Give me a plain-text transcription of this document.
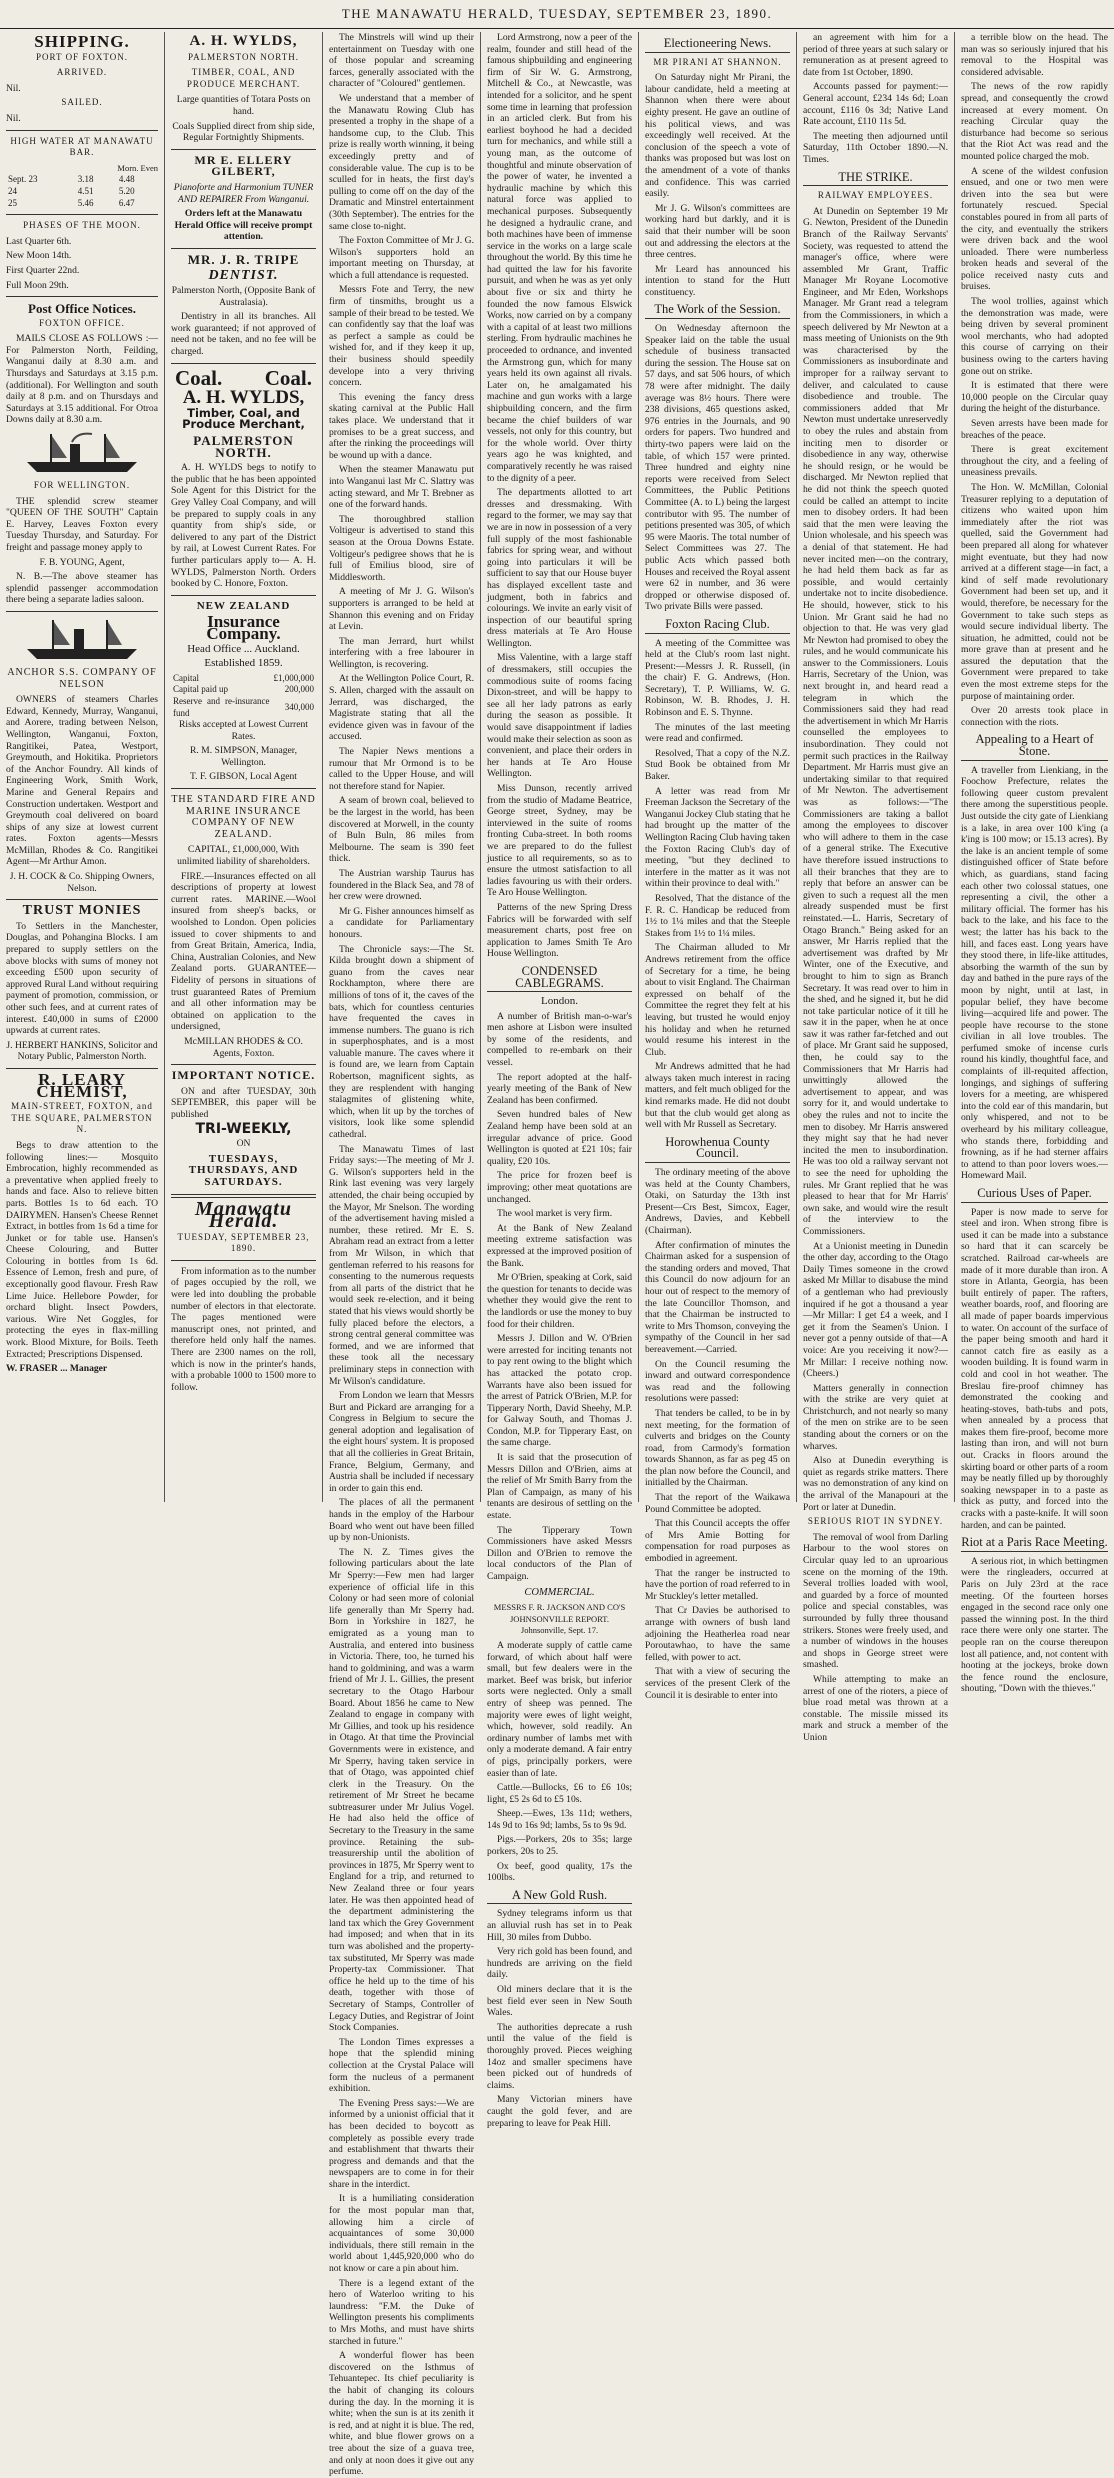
THE MANAWATU HERALD, TUESDAY, SEPTEMBER 23, 1890.
SHIPPING.
PORT OF FOXTON.
ARRIVED.

Nil.

SAILED.

Nil.

HIGH WATER AT MANAWATU BAR.
Morn. Even
Sept. 23	3.18	4.48
24	4.51	5.20
25	5.46	6.47
PHASES OF THE MOON.

Last Quarter 6th.

New Moon 14th.

First Quarter 22nd.

Full Moon 29th.

Post Office Notices.
FOXTON OFFICE.

MAILS CLOSE AS FOLLOWS :— For Palmerston North, Feilding, Wanganui daily at 8.30 a.m. and Thursdays and Saturdays at 3.15 p.m. (additional). For Wellington and south daily at 8 p.m. and on Thursdays and Saturdays at 3.15 additional. For Otroa Downs daily at 8.30 a.m.

FOR WELLINGTON.

THE splendid screw steamer "QUEEN OF THE SOUTH" Captain E. Harvey, Leaves Foxton every Tuesday Thursday, and Saturday. For freight and passage money apply to

F. B. YOUNG, Agent,

N. B.—The above steamer has splendid passenger accommodation there being a separate ladies saloon.

ANCHOR S.S. COMPANY OF NELSON

OWNERS of steamers Charles Edward, Kennedy, Murray, Wanganui, and Aorere, trading between Nelson, Wellington, Wanganui, Foxton, Rangitikei, Patea, Westport, Greymouth, and Hokitika. Proprietors of the Anchor Foundry. All kinds of Engineering Work, Smith Work, Marine and General Repairs and Construction undertaken. Westport and Greymouth coal delivered on board ships of any size at lowest current rates. Foxton agents—Messrs McMillan, Rhodes & Co. Rangitikei Agent—Mr Arthur Amon.

J. H. COCK & Co. Shipping Owners, Nelson.

TRUST MONIES

To Settlers in the Manchester, Douglas, and Pohangina Blocks. I am prepared to supply settlers on the above blocks with sums of money not exceeding £500 upon security of approved Rural Land without requiring payment of promotion, commission, or other such fees, and at current rates of interest. £40,000 in sums of £2000 upwards at current rates.

J. HERBERT HANKINS, Solicitor and Notary Public, Palmerston North.

R. LEARY CHEMIST,
MAIN-STREET, FOXTON, and THE SQUARE, PALMERSTON N.

Begs to draw attention to the following lines:— Mosquito Embrocation, highly recommended as a preventative when applied freely to hands and face. Also to relieve bitten parts. Bottles 1s to 6d each. TO DAIRYMEN. Hansen's Cheese Rennet Extract, in bottles from 1s 6d a time for Junket or for table use. Hansen's Cheese Colouring, and Butter Colouring in bottles from 1s 6d. Essence of Lemon, fresh and pure, of exceptionally good flavour. Fresh Raw Lime Juice. Hellebore Powder, for orchard blight. Insect Powders, various. Wire Net Goggles, for protecting the eyes in flax-milling work. Blood Mixture, for Boils. Teeth Extracted; Prescriptions Dispensed.

W. FRASER ... Manager

A. H. WYLDS,
PALMERSTON NORTH.
TIMBER, COAL, AND PRODUCE MERCHANT.

Large quantities of Totara Posts on hand.

Coals Supplied direct from ship side, Regular Fortnightly Shipments.

MR E. ELLERY GILBERT,

Pianoforte and Harmonium TUNER AND REPAIRER From Wanganui.

Orders left at the Manawatu Herald Office will receive prompt attention.

MR. J. R. TRIPE
DENTIST.

Palmerston North, (Opposite Bank of Australasia).

Dentistry in all its branches. All work guaranteed; if not approved of need not be taken, and no fee will be charged.

Coal. Coal.
A. H. WYLDS,
Timber, Coal, and Produce Merchant,
PALMERSTON NORTH.

A. H. WYLDS begs to notify to the public that he has been appointed Sole Agent for this District for the Grey Valley Coal Company, and will be prepared to supply coals in any quantity from ship's side, or delivered to any part of the District by rail, at Lowest Current Rates. For further particulars apply to— A. H. WYLDS, Palmerston North. Orders booked by C. Honore, Foxton.

NEW ZEALAND
Insurance Company.

Head Office ... Auckland.

Established 1859.

Capital	£1,000,000
Capital paid up	200,000
Reserve and re-insurance fund	340,000

Risks accepted at Lowest Current Rates.

R. M. SIMPSON, Manager, Wellington.

T. F. GIBSON, Local Agent

THE STANDARD FIRE AND MARINE INSURANCE COMPANY OF NEW ZEALAND.

CAPITAL, £1,000,000, With unlimited liability of shareholders.

FIRE.—Insurances effected on all descriptions of property at lowest current rates. MARINE.—Wool insured from sheep's backs, or woolshed to London. Open policies issued to cover shipments to and from Great Britain, America, India, China, Australian Colonies, and New Zealand ports. GUARANTEE—Fidelity of persons in situations of trust guaranteed Rates of Premium and all other information may be obtained on application to the undersigned,

McMILLAN RHODES & CO. Agents, Foxton.

IMPORTANT NOTICE.

ON and after TUESDAY, 30th SEPTEMBER, this paper will be published

TRI-WEEKLY,

ON

TUESDAYS, THURSDAYS, AND SATURDAYS.
Manawatu Herald.
TUESDAY, SEPTEMBER 23, 1890.

From information as to the number of pages occupied by the roll, we were led into doubling the probable number of electors in that electorate. The pages mentioned were manuscript ones, not printed, and therefore held only half the names. There are 2300 names on the roll, which is now in the printer's hands, with a probable 1000 to 1500 more to follow.

The Minstrels will wind up their entertainment on Tuesday with one of those popular and screaming farces, generally associated with the character of "Coloured" gentlemen.

We understand that a member of the Manawatu Rowing Club has presented a trophy in the shape of a handsome cup, to the Club. This prize is really worth winning, it being exceedingly pretty and of considerable value. The cup is to be sculled for in heats, the first day's pulling to come off on the day of the Dramatic and Minstrel entertainment (30th September). The entries for the same close to-night.

The Foxton Committee of Mr J. G. Wilson's supporters hold an important meeting on Thursday, at which a full attendance is requested.

Messrs Fote and Terry, the new firm of tinsmiths, brought us a sample of their bread to be tested. We can confidently say that the loaf was as perfect a sample as could be wished for, and if they keep it up, their business should speedily develope into a very thriving concern.

This evening the fancy dress skating carnival at the Public Hall takes place. We understand that it promises to be a great success, and after the rinking the proceedings will be wound up with a dance.

When the steamer Manawatu put into Wanganui last Mr C. Slattry was acting steward, and Mr T. Brebner as one of the forward hands.

The thoroughbred stallion Voltigeur is advertised to stand this season at the Oroua Downs Estate. Voltigeur's pedigree shows that he is full of Emilius blood, sire of Middlesworth.

A meeting of Mr J. G. Wilson's supporters is arranged to be held at Shannon this evening and on Friday at Levin.

The man Jerrard, hurt whilst interfering with a free labourer in Wellington, is recovering.

At the Wellington Police Court, R. S. Allen, charged with the assault on Jerrard, was discharged, the Magistrate stating that all the evidence given was in favour of the accused.

The Napier News mentions a rumour that Mr Ormond is to be called to the Upper House, and will not therefore stand for Napier.

A seam of brown coal, believed to be the largest in the world, has been discovered at Morwell, in the county of Buln Buln, 86 miles from Melbourne. The seam is 390 feet thick.

The Austrian warship Taurus has foundered in the Black Sea, and 78 of her crew were drowned.

Mr G. Fisher announces himself as a candidate for Parliamentary honours.

The Chronicle says:—The St. Kilda brought down a shipment of guano from the caves near Rockhampton, where there are millions of tons of it, the caves of the bats, which for countless centuries have frequented the caves in immense numbers. The guano is rich in superphosphates, and is a most valuable manure. The caves where it is found are, we learn from Captain Robertson, magnificent sights, as they are resplendent with hanging stalagmites of glistening white, which, when lit up by the torches of visitors, look like some splendid cathedral.

The Manawatu Times of last Friday says:—The meeting of Mr J. G. Wilson's supporters held in the Rink last evening was very largely attended, the chair being occupied by the Mayor, Mr Snelson. The wording of the advertisement having misled a number, these retired. Mr E. S. Abraham read an extract from a letter from Mr Wilson, in which that gentleman referred to his reasons for consenting to the numerous requests from all parts of the district that he would seek re-election, and it being stated that his views would shortly be fully placed before the electors, a strong central general committee was formed, and we are informed that these took all the necessary preliminary steps in connection with Mr Wilson's candidature.

From London we learn that Messrs Burt and Pickard are arranging for a Congress in Belgium to secure the general adoption and legalisation of the eight hours' system. It is proposed that all the collieries in Great Britain, France, Belgium, Germany, and Austria shall be included if necessary in order to gain this end.

The places of all the permanent hands in the employ of the Harbour Board who went out have been filled up by non-Unionists.

The N. Z. Times gives the following particulars about the late Mr Sperry:—Few men had larger experience of official life in this Colony or had seen more of colonial life generally than Mr Sperry had. Born in Yorkshire in 1827, he emigrated as a young man to Australia, and entered into business in Victoria. There, too, he turned his hand to goldmining, and was a warm friend of Mr J. L. Gillies, the present secretary to the Otago Harbour Board. About 1856 he came to New Zealand to engage in company with Mr Gillies, and took up his residence in Otago. At that time the Provincial Governments were in existence, and Mr Sperry, having taken service in that of Otago, was appointed chief clerk in the Treasury. On the retirement of Mr Street he became subtreasurer under Mr Julius Vogel. He had also held the office of Secretary to the Treasury in the same province. Retaining the sub-treasurership until the abolition of provinces in 1875, Mr Sperry went to England for a trip, and returned to New Zealand three or four years later. He was then appointed head of the department administering the land tax which the Grey Government had imposed; and when that in its turn was abolished and the property-tax substituted, Mr Sperry was made Property-tax Commissioner. That office he held up to the time of his death, together with those of Secretary of Stamps, Controller of Legacy Duties, and Registrar of Joint Stock Companies.

The London Times expresses a hope that the splendid mining collection at the Crystal Palace will form the nucleus of a permanent exhibition.

The Evening Press says:—We are informed by a unionist official that it has been decided to boycott as completely as possible every trade and establishment that thwarts their progress and demands and that the newspapers are to come in for their share in the interdict.

It is a humiliating consideration for the most popular man that, allowing him a circle of acquaintances of some 30,000 individuals, there still remain in the world about 1,445,920,000 who do not know or care a pin about him.

There is a legend extant of the hero of Waterloo writing to his laundress: "F.M. the Duke of Wellington presents his compliments to Mrs Moths, and must have shirts starched in future."

A wonderful flower has been discovered on the Isthmus of Tehuantepec. Its chief peculiarity is the habit of changing its colours during the day. In the morning it is white; when the sun is at its zenith it is red, and at night it is blue. The red, white, and blue flower grows on a tree about the size of a guava tree, and only at noon does it give out any perfume.

Lord Armstrong, now a peer of the realm, founder and still head of the famous shipbuilding and engineering firm of Sir W. G. Armstrong, Mitchell & Co., at Newcastle, was intended for a solicitor, and he spent some time in learning that profession in an articled clerk. But from his earliest boyhood he had a decided turn for mechanics, and while still a young man, as the outcome of thoughtful and minute observation of the power of water, he invented a hydraulic machine by which this natural force was applied to mechanical purposes. Subsequently he designed a hydraulic crane, and both machines have been of immense service in the works on a large scale throughout the world. By this time he had quitted the law for his favorite pursuit, and when he was as yet only about five or six and thirty he founded the now famous Elswick Works, now carried on by a company with a capital of at least two millions sterling. From hydraulic machines he proceeded to ordnance, and invented the Armstrong gun, which for many years held its own against all rivals. Later on, he amalgamated his machine and gun works with a large shipbuilding concern, and the firm became the chief builders of war vessels, not only for this country, but for the whole world. Over thirty years ago he was knighted, and comparatively recently he was raised to the dignity of a peer.

The departments allotted to art dresses and dressmaking. With regard to the former, we may say that we are in now in possession of a very full supply of the most fashionable fabrics for spring wear, and without going into particulars it will be sufficient to say that our House buyer has displayed excellent taste and judgment, both in fabrics and colourings. We invite an early visit of inspection of our beautiful spring dress materials at Te Aro House Wellington.

Miss Valentine, with a large staff of dressmakers, still occupies the commodious suite of rooms facing Dixon-street, and will be happy to see all her lady patrons as early during the season as possible. It would save disappointment if ladies would make their selection as soon as convenient, and place their orders in her hands at Te Aro House Wellington.

Miss Dunson, recently arrived from the studio of Madame Beatrice, George street, Sydney, may be interviewed in the suite of rooms fronting Cuba-street. In both rooms we are prepared to do the fullest justice to all requirements, so as to ensure the utmost satisfaction to all ladies favouring us with their orders. Te Aro House Wellington.

Patterns of the new Spring Dress Fabrics will be forwarded with self measurement charts, post free on application to James Smith Te Aro House Wellington.

CONDENSED CABLEGRAMS.
London.

A number of British man-o-war's men ashore at Lisbon were insulted by some of the residents, and compelled to re-embark on their vessel.

The report adopted at the half-yearly meeting of the Bank of New Zealand has been confirmed.

Seven hundred bales of New Zealand hemp have been sold at an irregular advance of price. Good Wellington is quoted at £21 10s; fair quality, £20 10s.

The price for frozen beef is improving; other meat quotations are unchanged.

The wool market is very firm.

At the Bank of New Zealand meeting extreme satisfaction was expressed at the improved position of the Bank.

Mr O'Brien, speaking at Cork, said the question for tenants to decide was whether they would give the rent to the landlords or use the money to buy food for their children.

Messrs J. Dillon and W. O'Brien were arrested for inciting tenants not to pay rent owing to the blight which has attacked the potato crop. Warrants have also been issued for the arrest of Patrick O'Brien, M.P. for Tipperary North, David Sheehy, M.P. for Galway South, and Thomas J. Condon, M.P. for Tipperary East, on the same charge.

It is said that the prosecution of Messrs Dillon and O'Brien, aims at the relief of Mr Smith Barry from the Plan of Campaign, as many of his tenants are desirous of settling on the estate.

The Tipperary Town Commissioners have asked Messrs Dillon and O'Brien to remove the local conductors of the Plan of Campaign.

COMMERCIAL.

MESSRS F. R. JACKSON AND CO'S JOHNSONVILLE REPORT. Johnsonville, Sept. 17.

A moderate supply of cattle came forward, of which about half were small, but few dealers were in the market. Beef was brisk, but inferior sorts were neglected. Only a small entry of sheep was penned. The majority were ewes of light weight, which, however, sold readily. An ordinary number of lambs met with only a moderate demand. A fair entry of pigs, principally porkers, were easier than of late.

Cattle.—Bullocks, £6 to £6 10s; light, £5 2s 6d to £5 10s.

Sheep.—Ewes, 13s 11d; wethers, 14s 9d to 16s 9d; lambs, 5s to 9s 9d.

Pigs.—Porkers, 20s to 35s; large porkers, 20s to 25.

Ox beef, good quality, 17s the 100lbs.

A New Gold Rush.

Sydney telegrams inform us that an alluvial rush has set in to Peak Hill, 30 miles from Dubbo.

Very rich gold has been found, and hundreds are arriving on the field daily.

Old miners declare that it is the best field ever seen in New South Wales.

The authorities deprecate a rush until the value of the field is thoroughly proved. Pieces weighing 14oz and smaller specimens have been picked out of hundreds of claims.

Many Victorian miners have caught the gold fever, and are preparing to leave for Peak Hill.

Electioneering News.
MR PIRANI AT SHANNON.

On Saturday night Mr Pirani, the labour candidate, held a meeting at Shannon when there were about eighty present. He gave an outline of his political views, and was exceedingly well received. At the conclusion of the speech a vote of thanks was proposed but was lost on the amendment of a vote of thanks and confidence. This was carried easily.

Mr J. G. Wilson's committees are working hard but darkly, and it is said that their number will be soon out and addressing the electors at the three centres.

Mr Leard has announced his intention to stand for the Hutt constituency.

The Work of the Session.

On Wednesday afternoon the Speaker laid on the table the usual schedule of business transacted during the session. The House sat on 57 days, and sat 506 hours, of which 78 were after midnight. The daily average was 8½ hours. There were 238 divisions, 465 questions asked, 976 entries in the Journals, and 90 orders for papers. Two hundred and thirty-two papers were laid on the table, of which 157 were printed. Three hundred and eighty nine reports were received from Select Committees, the Public Petitions Committee (A. to L) being the largest contributor with 95. The number of petitions presented was 305, of which 95 were Maoris. The total number of Select Committees was 27. The public Acts which passed both Houses and received the Royal assent were 62 in number, and 36 were dropped or otherwise disposed of. Two private Bills were passed.

Foxton Racing Club.

A meeting of the Committee was held at the Club's room last night. Present:—Messrs J. R. Russell, (in the chair) F. G. Andrews, (Hon. Secretary), T. P. Williams, W. G. Robinson, W. B. Rhodes, J. H. Robinson and E. S. Thynne.

The minutes of the last meeting were read and confirmed.

Resolved, That a copy of the N.Z. Stud Book be obtained from Mr Baker.

A letter was read from Mr Freeman Jackson the Secretary of the Wanganui Jockey Club stating that he had brought up the matter of the Wellington Racing Club having taken the Foxton Racing Club's day of meeting, "but they declined to interfere in the matter as it was not within their province to deal with."

Resolved, That the distance of the F. R. C. Handicap be reduced from 1½ to 1¼ miles and that the Steeple Stakes from 1½ to 1¼ miles.

The Chairman alluded to Mr Andrews retirement from the office of Secretary for a time, he being about to visit England. The Chairman expressed on behalf of the Committee the regret they felt at his leaving, but trusted he would enjoy his holiday and when he returned would resume his interest in the Club.

Mr Andrews admitted that he had always taken much interest in racing matters, and felt much obliged for the kind remarks made. He did not doubt but that the club would get along as well with Mr Russell as Secretary.

Horowhenua County Council.

The ordinary meeting of the above was held at the County Chambers, Otaki, on Saturday the 13th inst Present—Crs Best, Simcox, Eager, Andrews, Davies, and Kebbell (Chairman).

After confirmation of minutes the Chairman asked for a suspension of the standing orders and moved, That this Council do now adjourn for an hour out of respect to the memory of the late Councillor Thomson, and that the Chairman be instructed to write to Mrs Thomson, conveying the sympathy of the Council in her sad bereavement.—Carried.

On the Council resuming the inward and outward correspondence was read and the following resolutions were passed:

That tenders be called, to be in by next meeting, for the formation of culverts and bridges on the County road, from Carmody's formation towards Shannon, as far as peg 45 on the plan now before the Council, and initialled by the Chairman.

That the report of the Waikawa Pound Committee be adopted.

That this Council accepts the offer of Mrs Amie Botting for compensation for road purposes as embodied in agreement.

That the ranger be instructed to have the portion of road referred to in Mr Stuckley's letter metalled.

That Cr Davies be authorised to arrange with owners of bush land adjoining the Heatherlea road near Poroutawhao, to have the same felled, with power to act.

That with a view of securing the services of the present Clerk of the Council it is desirable to enter into

an agreement with him for a period of three years at such salary or remuneration as at present agreed to date from 1st October, 1890.

Accounts passed for payment:—General account, £234 14s 6d; Loan account, £116 0s 3d; Native Land Rate account, £110 11s 5d.

The meeting then adjourned until Saturday, 11th October 1890.—N. Times.

THE STRIKE.
RAILWAY EMPLOYEES.

At Dunedin on September 19 Mr G. Newton, President of the Dunedin Branch of the Railway Servants' Society, was requested to attend the manager's office, where were assembled Mr Grant, Traffic Manager Mr Royane Locomotive Engineer, and Mr Eden, Workshops Manager. Mr Grant read a telegram from the Commissioners, in which a speech delivered by Mr Newton at a mass meeting of Unionists on the 9th was characterised by the Commissioners as insubordinate and improper for a railway servant to deliver, and calculated to cause disobedience and trouble. The commissioners added that Mr Newton must undertake unreservedly to obey the rules and abstain from inciting men to disorder or disobedience in any way, otherwise he should resign, or he would be discharged. Mr Newton replied that he did not think the speech quoted could be called an attempt to incite men to disobey orders. It had been said that the men were leaving the Union wholesale, and his speech was a denial of that statement. He had never incited men—on the contrary, he had held them back as far as possible, and would certainly undertake not to incite disobedience. He should, however, stick to his Union. Mr Grant said he had no objection to that. He was very glad Mr Newton had promised to obey the rules, and he would communicate his answer to the Commissioners. Louis Harris, Secretary of the Union, was next brought in, and heard read a telegram in which the Commissioners said they had read the advertisement in which Mr Harris counselled the employees to insubordination. They could not permit such practices in the Railway Department. Mr Harris must give an undertaking similar to that required of Mr Newton. The advertisement was as follows:—"The Commissioners are taking a ballot among the employees to discover who will adhere to them in the case of a general strike. The Executive have therefore issued instructions to all their branches that they are to reply that before an answer can be given to such a request all the men already suspended must be first reinstated.—L. Harris, Secretary of Otago Branch." Being asked for an answer, Mr Harris replied that the advertisement was drafted by Mr Winter, one of the Executive, and brought to him to sign as Branch Secretary. It was read over to him in the shed, and he signed it, but he did not take particular notice of it till he saw it in the paper, when he at once saw it was rather far-fetched and out of place. Mr Grant said he supposed, then, he could say to the Commissioners that Mr Harris had unwittingly allowed the advertisement to appear, and was sorry for it, and would undertake to obey the rules and not to incite the men to disobey. Mr Harris answered they might say that he had never incited the men to insubordination. He was too old a railway servant not to see the need for upholding the rules. Mr Grant replied that he was pleased to hear that for Mr Harris' own sake, and would wire the result of the interview to the Commissioners.

At a Unionist meeting in Dunedin the other day, according to the Otago Daily Times someone in the crowd asked Mr Millar to disabuse the mind of a gentleman who had previously inquired if he got a thousand a year—Mr Millar: I get £4 a week, and I get it from the Seamen's Union. I never got a penny outside of that—A voice: Are you receiving it now?—Mr Millar: I receive nothing now. (Cheers.)

Matters generally in connection with the strike are very quiet at Christchurch, and not nearly so many of the men on strike are to be seen standing about the corners or on the wharves.

Also at Dunedin everything is quiet as regards strike matters. There was no demonstration of any kind on the arrival of the Manapouri at the Port or later at Dunedin.

SERIOUS RIOT IN SYDNEY.

The removal of wool from Darling Harbour to the wool stores on Circular quay led to an uproarious scene on the morning of the 19th. Several trollies loaded with wool, and guarded by a force of mounted police and special constables, was surrounded by fully three thousand strikers. Stones were freely used, and a number of windows in the houses and shops in George street were smashed.

While attempting to make an arrest of one of the rioters, a piece of blue road metal was thrown at a constable. The missile missed its mark and struck a member of the Union

a terrible blow on the head. The man was so seriously injured that his removal to the Hospital was considered advisable.

The news of the row rapidly spread, and consequently the crowd increased at every moment. On reaching Circular quay the disturbance had become so serious that the Riot Act was read and the mounted police charged the mob.

A scene of the wildest confusion ensued, and one or two men were driven into the sea but were fortunately rescued. Special constables poured in from all parts of the city, and eventually the strikers were driven back and the wool unloaded. There were numberless broken heads and several of the police received nasty cuts and bruises.

The wool trollies, against which the demonstration was made, were being driven by several prominent wool merchants, who had adopted this course of carrying on their business owing to the carters having gone out on strike.

It is estimated that there were 10,000 people on the Circular quay during the height of the disturbance.

Seven arrests have been made for breaches of the peace.

There is great excitement throughout the city, and a feeling of uneasiness prevails.

The Hon. W. McMillan, Colonial Treasurer replying to a deputation of citizens who waited upon him immediately after the riot was quelled, said the Government had been prepared all along for whatever might eventuate, but they had now arrived at a different stage—in fact, a kind of self made revolutionary Government had been set up, and it would, therefore, be necessary for the Government to take such steps as would secure individual liberty. The situation, he admitted, could not be more grave than at present and he assured the deputation that the Government were prepared to take even the most extreme steps for the purpose of maintaining order.

Over 20 arrests took place in connection with the riots.

Appealing to a Heart of Stone.

A traveller from Lienkiang, in the Foochow Prefecture, relates the following queer custom prevalent there among the superstitious people. Just outside the city gate of Lienkiang is a lake, in area over 100 k'ing (a k'ing is 100 mow; or 15.13 acres). By the lake is an ancient temple of some distinguished officer of State before which, as guardians, stand facing each other two colossal statues, one representing a civil, the other a military official. The former has his back to the lake, and his face to the west; the latter has his back to the hill, and faces east. Long years have they stood there, in life-like attitudes, absorbing the warmth of the sun by day and bathed in the pure rays of the moon by night, until at last, in popular belief, they have become living—acquired life and power. The people have recourse to the stone civilian in all love troubles. The perfumed smoke of incense curls round his kindly, thoughtful face, and complaints of ill-requited affection, longings, and sighings of suffering lovers for a meeting, are whispered into the cold ear of this mandarin, but only whispered, and not to be overheard by his military colleague, who stands there, forbidding and frowning, as if he had sterner affairs to attend to than poor lovers woes.—Homeward Mail.

Curious Uses of Paper.

Paper is now made to serve for steel and iron. When strong fibre is used it can be made into a substance so hard that it can scarcely be scratched. Railroad car-wheels are made of it more durable than iron. A store in Atlanta, Georgia, has been built entirely of paper. The rafters, weather boards, roof, and flooring are all made of paper boards impervious to water. On account of the surface of the paper being smooth and hard it cannot catch fire as easily as a wooden building. It is found warm in cold and cool in hot weather. The Breslau fire-proof chimney has demonstrated the cooking and heating-stoves, bath-tubs and pots, when annealed by a process that makes them fire-proof, become more lasting than iron, and will not burn out. Cracks in floors around the skirting board or other parts of a room may be neatly filled up by thoroughly soaking newspaper in to a paste as thick as putty, and forced into the cracks with a paste-knife. It will soon harden, and can be painted.

Riot at a Paris Race Meeting.

A serious riot, in which bettingmen were the ringleaders, occurred at Paris on July 23rd at the race meeting. Of the fourteen horses engaged in the second race only one passed the winning post. In the third race there were only one starter. The people ran on the course thereupon lost all patience, and, not content with hooting at the jockeys, broke down the fence round the enclosure, shouting, "Down with the thieves."
